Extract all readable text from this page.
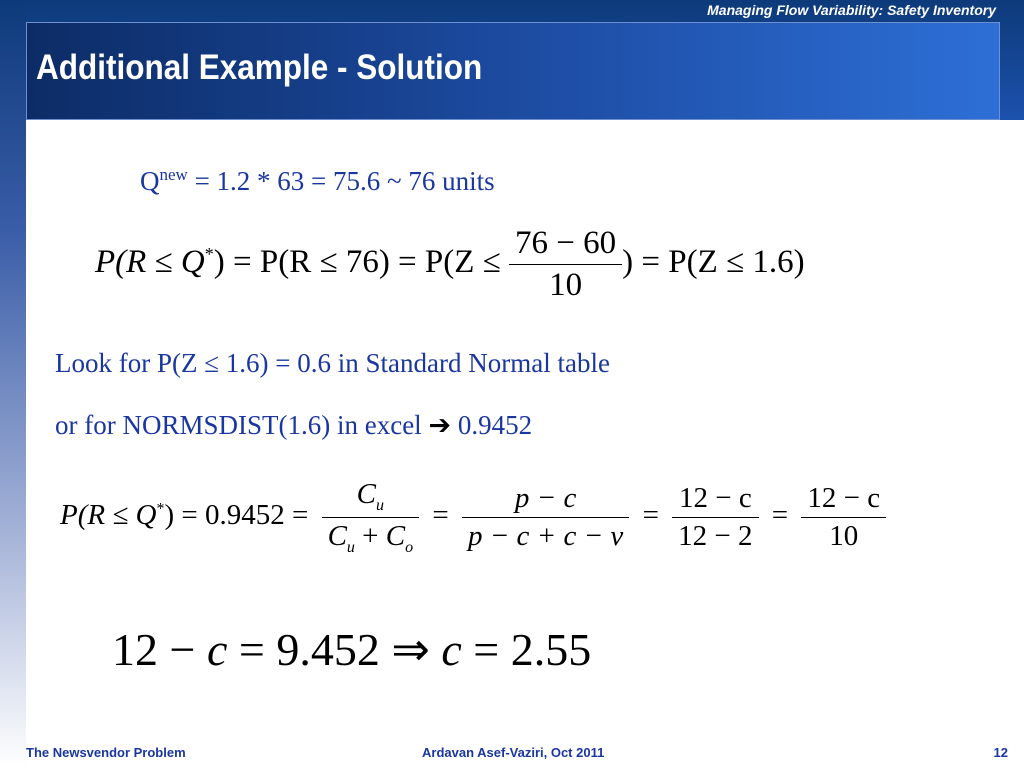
Managing Flow Variability: Safety Inventory
Additional Example - Solution
$Q^{new} = 1.2 * 63 = 75.6$ ~ 76 units
$P(R \le Q^*) = P(R \le 76) = P(Z \le \frac{76 - 60}{10}$ ) = P(Z ≤ 1.6)
Look for P(Z ≤ 1.6) = 0.6 in Standard Normal table
or for NORMSDIST(1.6) in excel ➔ 0.9452
$P(R \le Q^*) = 0.9452 = \frac{C_u}{C_u + C_o} = \frac{p - c}{p - c + c - v} = \frac{12 - c}{12 - 2} = \frac{12 - c}{10}$
12 − c = 9.452 ⇒ c = 2.55
The Newsvendor Problem	Ardavan Asef-Vaziri, Oct 2011	12
